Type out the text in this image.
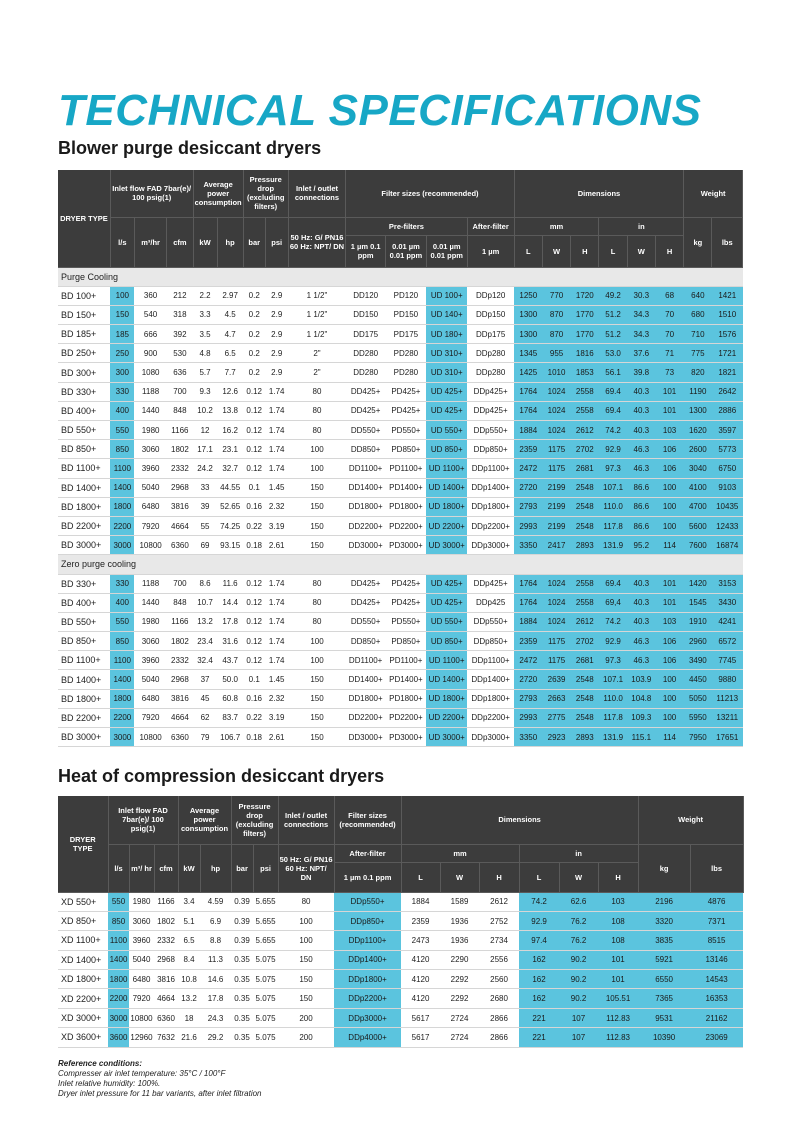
TECHNICAL SPECIFICATIONS
Blower purge desiccant dryers
DRYER TYPE	Inlet flow FAD 7bar(e)/ 100 psig(1)			Average power consumption		Pressure drop (excluding filters)		Inlet / outlet connections	Filter sizes (recommended)				Dimensions						Weight	
	l/s	m³/hr	cfm	kW	hp	bar	psi	50 Hz: G/ PN16 60 Hz: NPT/ DN	Pre-filters			After-filter	mm			in			kg	lbs
									1 µm 0.1 ppm	0.01 µm 0.01 ppm	0.01 µm 0.01 ppm	1 µm	L	W	H	L	W	H		
Purge Cooling																				
BD 100+	100	360	212	2.2	2.97	0.2	2.9	1 1/2"	DD120	PD120	UD 100+	DDp120	1250	770	1720	49.2	30.3	68	640	1421
BD 150+	150	540	318	3.3	4.5	0.2	2.9	1 1/2"	DD150	PD150	UD 140+	DDp150	1300	870	1770	51.2	34.3	70	680	1510
BD 185+	185	666	392	3.5	4.7	0.2	2.9	1 1/2"	DD175	PD175	UD 180+	DDp175	1300	870	1770	51.2	34.3	70	710	1576
BD 250+	250	900	530	4.8	6.5	0.2	2.9	2"	DD280	PD280	UD 310+	DDp280	1345	955	1816	53.0	37.6	71	775	1721
BD 300+	300	1080	636	5.7	7.7	0.2	2.9	2"	DD280	PD280	UD 310+	DDp280	1425	1010	1853	56.1	39.8	73	820	1821
BD 330+	330	1188	700	9.3	12.6	0.12	1.74	80	DD425+	PD425+	UD 425+	DDp425+	1764	1024	2558	69.4	40.3	101	1190	2642
BD 400+	400	1440	848	10.2	13.8	0.12	1.74	80	DD425+	PD425+	UD 425+	DDp425+	1764	1024	2558	69.4	40.3	101	1300	2886
BD 550+	550	1980	1166	12	16.2	0.12	1.74	80	DD550+	PD550+	UD 550+	DDp550+	1884	1024	2612	74.2	40.3	103	1620	3597
BD 850+	850	3060	1802	17.1	23.1	0.12	1.74	100	DD850+	PD850+	UD 850+	DDp850+	2359	1175	2702	92.9	46.3	106	2600	5773
BD 1100+	1100	3960	2332	24.2	32.7	0.12	1.74	100	DD1100+	PD1100+	UD 1100+	DDp1100+	2472	1175	2681	97.3	46.3	106	3040	6750
BD 1400+	1400	5040	2968	33	44.55	0.1	1.45	150	DD1400+	PD1400+	UD 1400+	DDp1400+	2720	2199	2548	107.1	86.6	100	4100	9103
BD 1800+	1800	6480	3816	39	52.65	0.16	2.32	150	DD1800+	PD1800+	UD 1800+	DDp1800+	2793	2199	2548	110.0	86.6	100	4700	10435
BD 2200+	2200	7920	4664	55	74.25	0.22	3.19	150	DD2200+	PD2200+	UD 2200+	DDp2200+	2993	2199	2548	117.8	86.6	100	5600	12433
BD 3000+	3000	10800	6360	69	93.15	0.18	2.61	150	DD3000+	PD3000+	UD 3000+	DDp3000+	3350	2417	2893	131.9	95.2	114	7600	16874
Zero purge cooling																				
BD 330+	330	1188	700	8.6	11.6	0.12	1.74	80	DD425+	PD425+	UD 425+	DDp425+	1764	1024	2558	69.4	40.3	101	1420	3153
BD 400+	400	1440	848	10.7	14.4	0.12	1.74	80	DD425+	PD425+	UD 425+	DDp425	1764	1024	2558	69,4	40.3	101	1545	3430
BD 550+	550	1980	1166	13.2	17.8	0.12	1.74	80	DD550+	PD550+	UD 550+	DDp550+	1884	1024	2612	74.2	40.3	103	1910	4241
BD 850+	850	3060	1802	23.4	31.6	0.12	1.74	100	DD850+	PD850+	UD 850+	DDp850+	2359	1175	2702	92.9	46.3	106	2960	6572
BD 1100+	1100	3960	2332	32.4	43.7	0.12	1.74	100	DD1100+	PD1100+	UD 1100+	DDp1100+	2472	1175	2681	97.3	46.3	106	3490	7745
BD 1400+	1400	5040	2968	37	50.0	0.1	1.45	150	DD1400+	PD1400+	UD 1400+	DDp1400+	2720	2639	2548	107.1	103.9	100	4450	9880
BD 1800+	1800	6480	3816	45	60.8	0.16	2.32	150	DD1800+	PD1800+	UD 1800+	DDp1800+	2793	2663	2548	110.0	104.8	100	5050	11213
BD 2200+	2200	7920	4664	62	83.7	0.22	3.19	150	DD2200+	PD2200+	UD 2200+	DDp2200+	2993	2775	2548	117.8	109.3	100	5950	13211
BD 3000+	3000	10800	6360	79	106.7	0.18	2.61	150	DD3000+	PD3000+	UD 3000+	DDp3000+	3350	2923	2893	131.9	115.1	114	7950	17651
Heat of compression desiccant dryers
DRYER TYPE	Inlet flow FAD 7bar(e)/ 100 psig(1)			Average power consumption		Pressure drop (excluding filters)		Inlet / outlet connections	Filter sizes (recommended)	Dimensions						Weight	
	l/s	m³/ hr	cfm	kW	hp	bar	psi	50 Hz: G/ PN16 60 Hz: NPT/ DN	After-filter	mm			in			kg	lbs
									1 µm 0.1 ppm	L	W	H	L	W	H		
XD 550+	550	1980	1166	3.4	4.59	0.39	5.655	80	DDp550+	1884	1589	2612	74.2	62.6	103	2196	4876
XD 850+	850	3060	1802	5.1	6.9	0.39	5.655	100	DDp850+	2359	1936	2752	92.9	76.2	108	3320	7371
XD 1100+	1100	3960	2332	6.5	8.8	0.39	5.655	100	DDp1100+	2473	1936	2734	97.4	76.2	108	3835	8515
XD 1400+	1400	5040	2968	8.4	11.3	0.35	5.075	150	DDp1400+	4120	2290	2556	162	90.2	101	5921	13146
XD 1800+	1800	6480	3816	10.8	14.6	0.35	5.075	150	DDp1800+	4120	2292	2560	162	90.2	101	6550	14543
XD 2200+	2200	7920	4664	13.2	17.8	0.35	5.075	150	DDp2200+	4120	2292	2680	162	90.2	105.51	7365	16353
XD 3000+	3000	10800	6360	18	24.3	0.35	5.075	200	DDp3000+	5617	2724	2866	221	107	112.83	9531	21162
XD 3600+	3600	12960	7632	21.6	29.2	0.35	5.075	200	DDp4000+	5617	2724	2866	221	107	112.83	10390	23069
Reference conditions:
Compresser air inlet temperature: 35°C / 100°F
Inlet relative humidity: 100%.
Dryer inlet pressure for 11 bar variants, after inlet filtration
